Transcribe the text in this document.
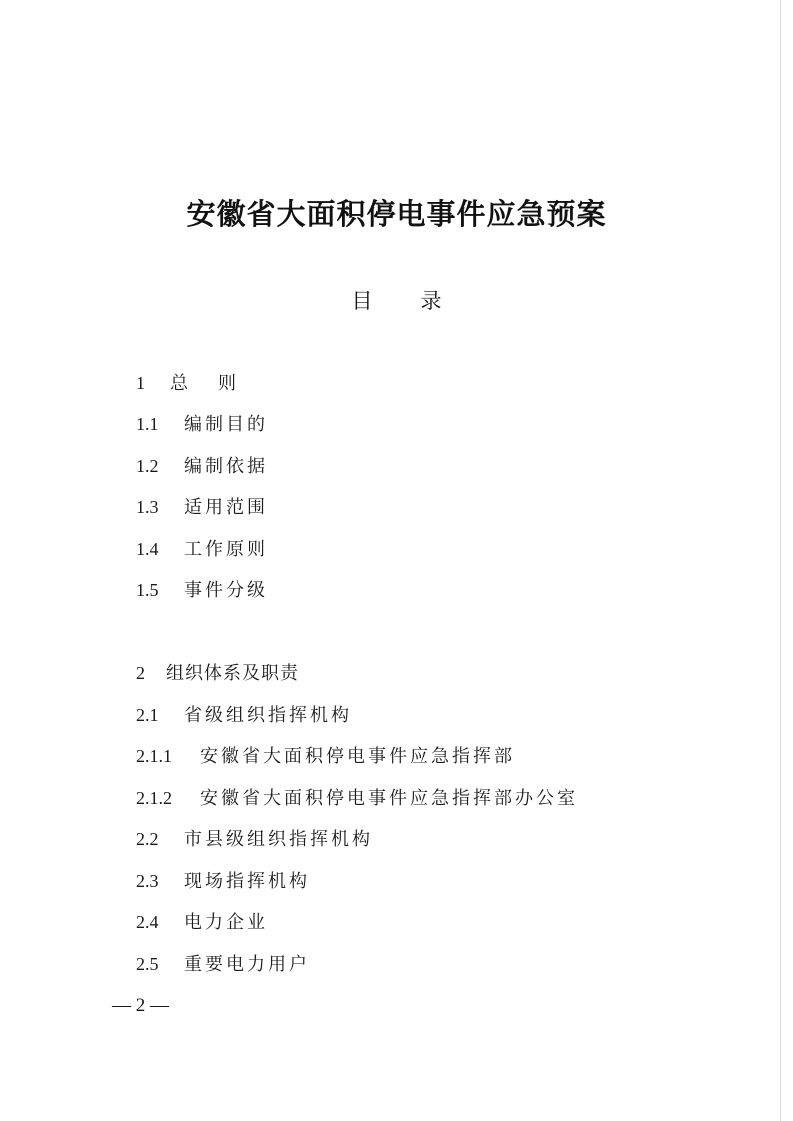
安徽省大面积停电事件应急预案
目 录
1 总 则
1.1 编制目的
1.2 编制依据
1.3 适用范围
1.4 工作原则
1.5 事件分级
2 组织体系及职责
2.1 省级组织指挥机构
2.1.1 安徽省大面积停电事件应急指挥部
2.1.2 安徽省大面积停电事件应急指挥部办公室
2.2 市县级组织指挥机构
2.3 现场指挥机构
2.4 电力企业
2.5 重要电力用户
— 2 —
